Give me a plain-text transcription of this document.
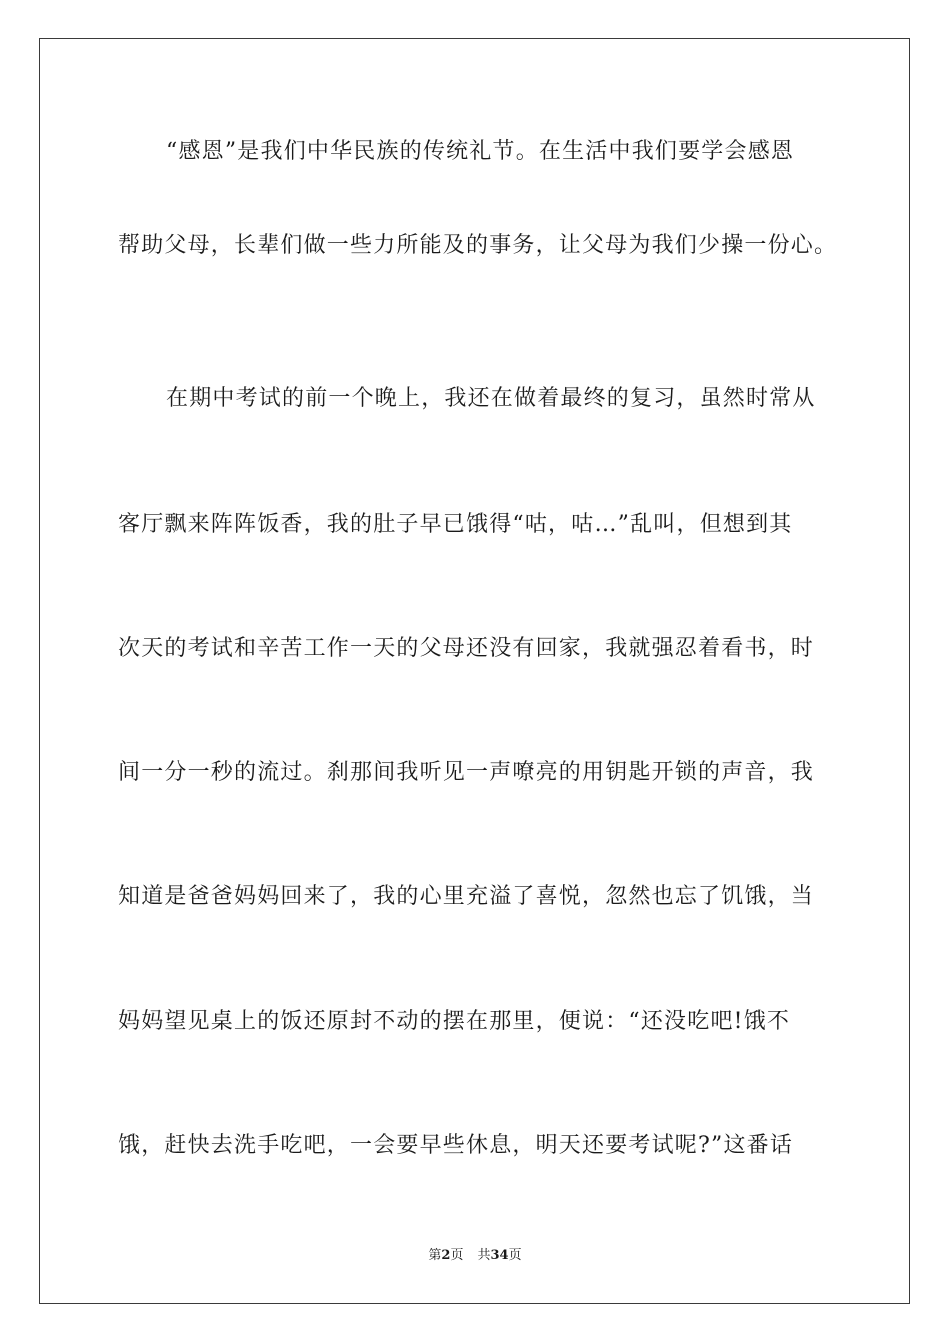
“感恩”是我们中华民族的传统礼节。在生活中我们要学会感恩
帮助父母，长辈们做一些力所能及的事务，让父母为我们少操一份心。
在期中考试的前一个晚上，我还在做着最终的复习，虽然时常从
客厅飘来阵阵饭香，我的肚子早已饿得“咕，咕…”乱叫，但想到其
次天的考试和辛苦工作一天的父母还没有回家，我就强忍着看书，时
间一分一秒的流过。刹那间我听见一声嘹亮的用钥匙开锁的声音，我
知道是爸爸妈妈回来了，我的心里充溢了喜悦，忽然也忘了饥饿，当
妈妈望见桌上的饭还原封不动的摆在那里，便说：“还没吃吧!饿不
饿，赶快去洗手吃吧，一会要早些休息，明天还要考试呢?”这番话
第2页 共34页
